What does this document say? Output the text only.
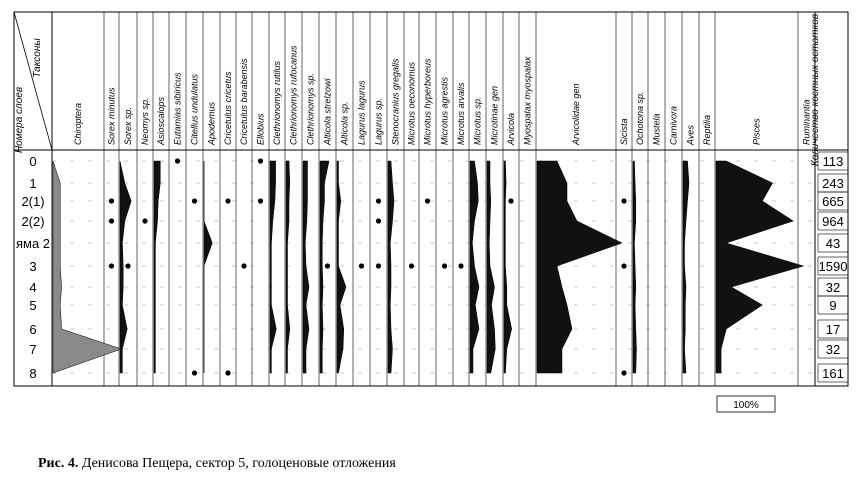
Таксоны
Номера слоев	Количество костных остатков
0	113
1	243
2(1)	665
2(2)	964
яма 2	43
3	1590
4	32
5	9
6	17
7	32
8	161
Chiroptera	Sorex minutus Sorex sp. Neomys sp. Asioscalops Eutamias sibiricus Citellus undulatus Apodemus Cricetulus cricetus Cricetulus barabensis Ellobius Clethrionomys rutilus Clethrionomys rufocanus Clethrionomys sp. Alticola strelzowi Alticola sp. Lagurus lagurus Lagurus sp. Stenocranius gregalis Microtus oeconomus Microtus hyperboreus Microtus agrestis Microtus arvalis Microtus sp. Microtinae gen Arvicola Myospalax myospalax	Arvicolidae gen	Sicista Ochotona sp. Mustela Carnivora Aves Reptilia	Pisces	Ruminantia
100%
Рис. 4. Денисова Пещера, сектор 5, голоценовые отложения
